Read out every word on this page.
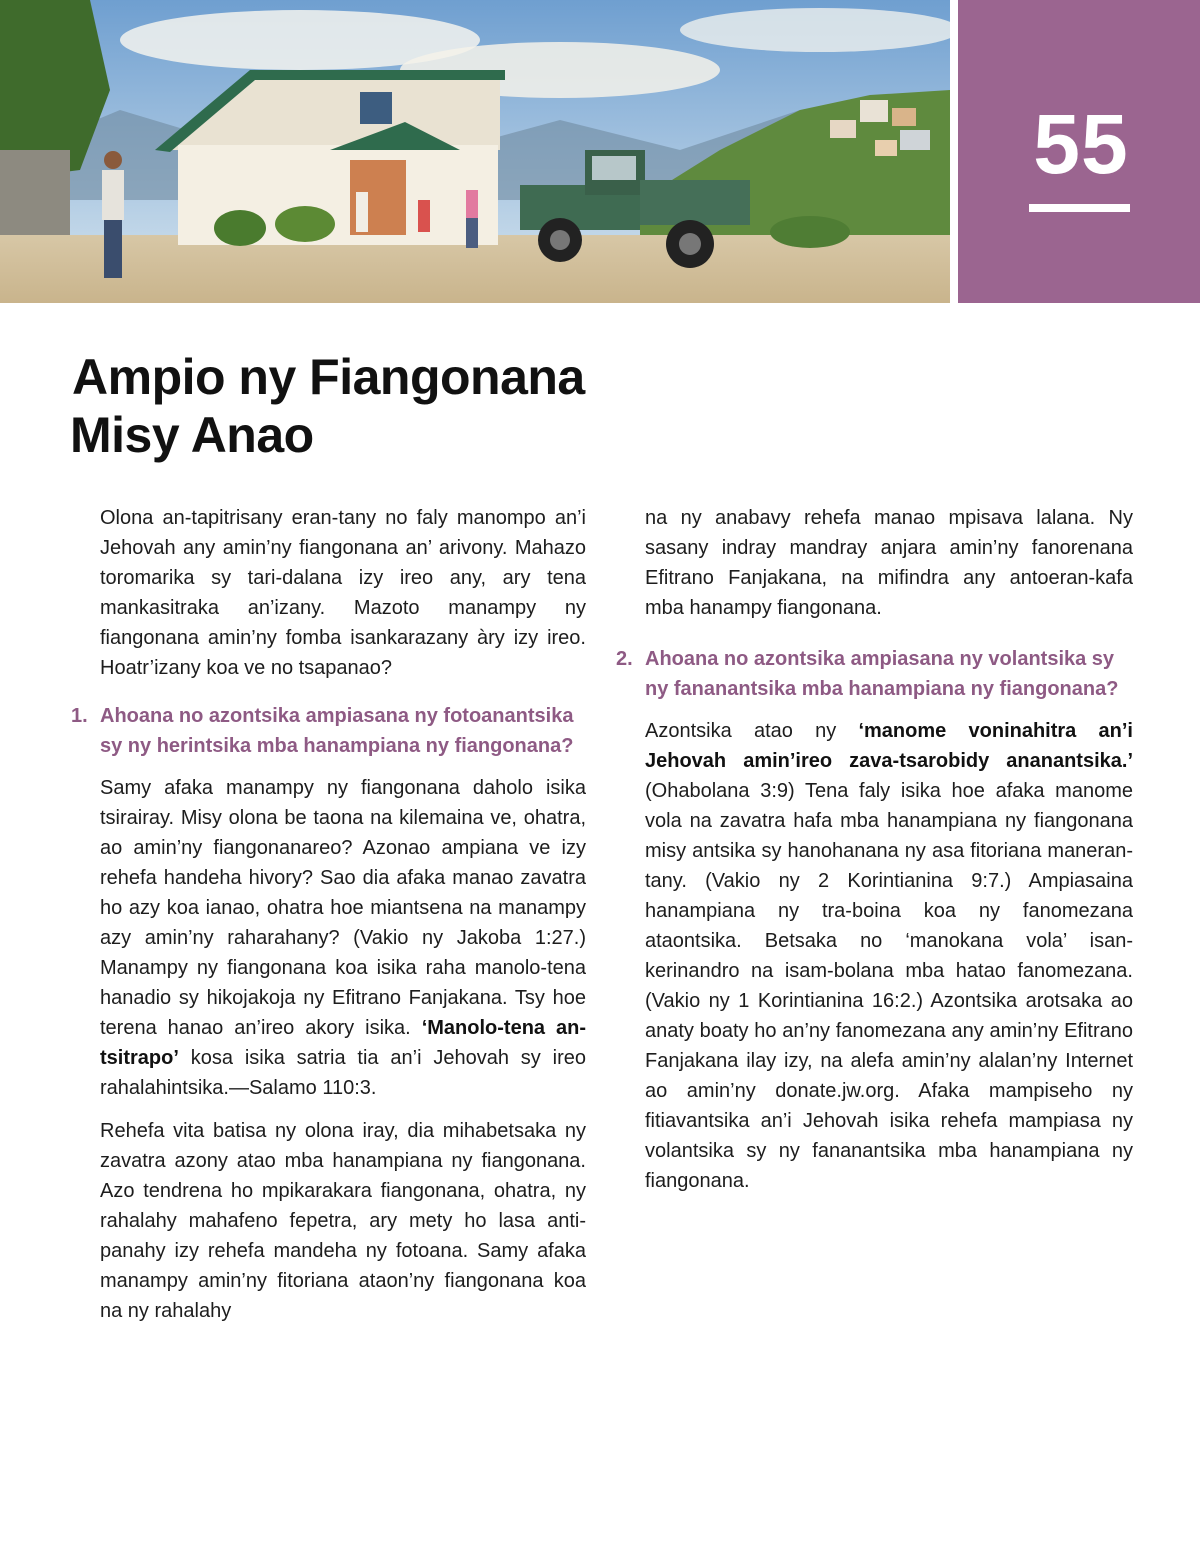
55
Ampio ny Fiangonana
Misy Anao

Olona an-tapitrisany eran-tany no faly manompo an’i Jehovah any amin’ny fiangonana an’ arivony. Mahazo toromarika sy tari-dalana izy ireo any, ary tena mankasitraka an’izany. Mazoto manampy ny fiangonana amin’ny fomba isankarazany àry izy ireo. Hoatr’izany koa ve no tsapanao?

1. Ahoana no azontsika ampiasana ny fotoanantsika sy ny herintsika mba hanampiana ny fiangonana?

Samy afaka manampy ny fiangonana daholo isika tsirairay. Misy olona be taona na kilemaina ve, ohatra, ao amin’ny fiangonanareo? Azonao ampiana ve izy rehefa handeha hivory? Sao dia afaka manao zavatra ho azy koa ianao, ohatra hoe miantsena na manampy azy amin’ny raharahany? (Vakio ny Jakoba 1:27.) Manampy ny fiangonana koa isika raha manolo-tena hanadio sy hikojakoja ny Efitrano Fanjakana. Tsy hoe terena hanao an’ireo akory isika. ‘Manolo-tena an-tsitrapo’ kosa isika satria tia an’i Jehovah sy ireo rahalahintsika.—Salamo 110:3.

Rehefa vita batisa ny olona iray, dia mihabetsaka ny zavatra azony atao mba hanampiana ny fiangonana. Azo tendrena ho mpikarakara fiangonana, ohatra, ny rahalahy mahafeno fepetra, ary mety ho lasa anti-panahy izy rehefa mandeha ny fotoana. Samy afaka manampy amin’ny fitoriana ataon’ny fiangonana koa na ny rahalahy

na ny anabavy rehefa manao mpisava lalana. Ny sasany indray mandray anjara amin’ny fanorenana Efitrano Fanjakana, na mifindra any antoeran-kafa mba hanampy fiangonana.

2. Ahoana no azontsika ampiasana ny volantsika sy ny fananantsika mba hanampiana ny fiangonana?

Azontsika atao ny ‘manome voninahitra an’i Jehovah amin’ireo zava-tsarobidy ananantsika.’ (Ohabolana 3:9) Tena faly isika hoe afaka manome vola na zavatra hafa mba hanampiana ny fiangonana misy antsika sy hanohanana ny asa fitoriana maneran-tany. (Vakio ny 2 Korintianina 9:7.) Ampiasaina hanampiana ny tra-boina koa ny fanomezana ataontsika. Betsaka no ‘manokana vola’ isan-kerinandro na isam-bolana mba hatao fanomezana. (Vakio ny 1 Korintianina 16:2.) Azontsika arotsaka ao anaty boaty ho an’ny fanomezana any amin’ny Efitrano Fanjakana ilay izy, na alefa amin’ny alalan’ny Internet ao amin’ny donate.jw.org. Afaka mampiseho ny fitiavantsika an’i Jehovah isika rehefa mampiasa ny volantsika sy ny fananantsika mba hanampiana ny fiangonana.
